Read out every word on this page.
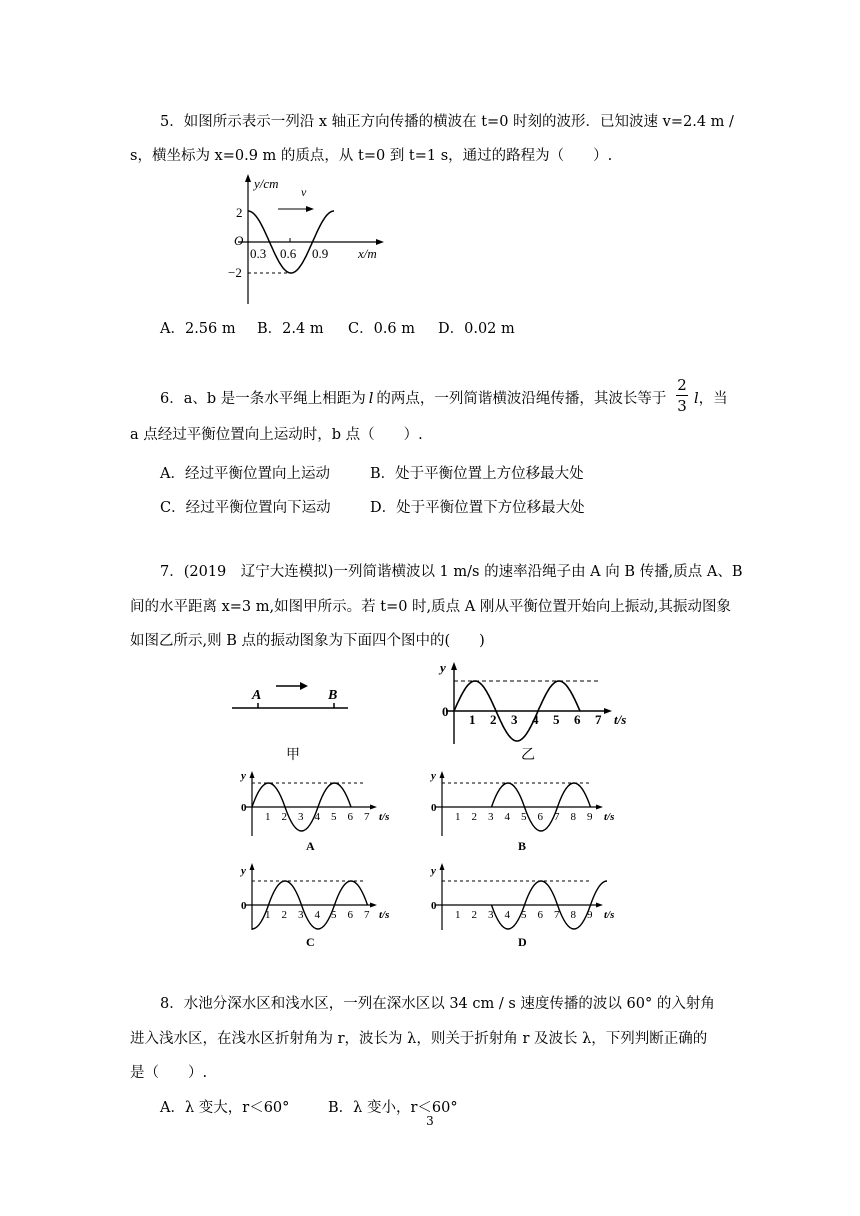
5．如图所示表示一列沿 x 轴正方向传播的横波在 t=0 时刻的波形．已知波速 v=2.4 m /
s，横坐标为 x=0.9 m 的质点，从 t=0 到 t=1 s，通过的路程为（　　）.
y/cm
v
2
O
−2
0.3 0.6 0.9 x/m
A．2.56 m B．2.4 m C．0.6 m D．0.02 m
6．a、b 是一条水平绳上相距为 l 的两点，一列简谐横波沿绳传播，其波长等于
2
3 l，当
a 点经过平衡位置向上运动时，b 点（　　）.
A．经过平衡位置向上运动	B．处于平衡位置上方位移最大处
C．经过平衡位置向下运动	D．处于平衡位置下方位移最大处
7．(2019　辽宁大连模拟)一列简谐横波以 1 m/s 的速率沿绳子由 A 向 B 传播,质点 A、B
间的水平距离 x=3 m,如图甲所示。若 t=0 时,质点 A 刚从平衡位置开始向上振动,其振动图象
如图乙所示,则 B 点的振动图象为下面四个图中的(　　)
A	B
甲
y
0
1 2 3 4 5 6 7 t/s
乙
y
0
1 2 3 4 5 6 7 t/s
A
y
0
1 2 3 4 5 6 7 8 9 t/s
B
y
0
1 2 3 4 5 6 7 t/s
C
y
0
1 2 3 4 5 6 7 8 9 t/s
D
8．水池分深水区和浅水区，一列在深水区以 34 cm / s 速度传播的波以 60° 的入射角
进入浅水区，在浅水区折射角为 r，波长为 λ，则关于折射角 r 及波长 λ，下列判断正确的
是（　　）.
A．λ 变大，r＜60°	B．λ 变小，r＜60°
3
